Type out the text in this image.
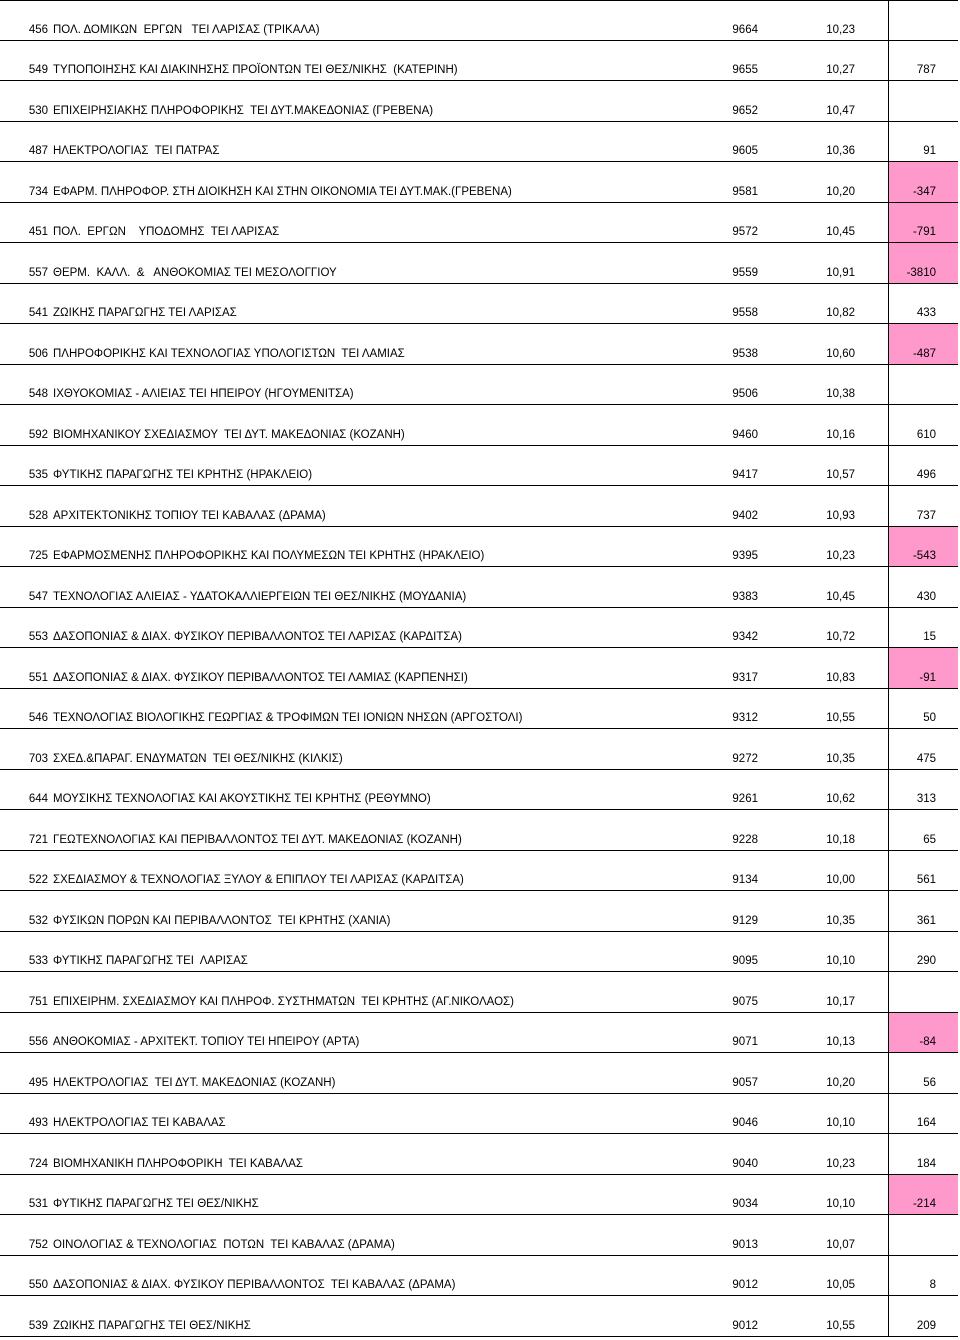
456 ΠΟΛ. ΔΟΜΙΚΩΝ  ΕΡΓΩΝ   ΤΕΙ ΛΑΡΙΣΑΣ (ΤΡΙΚΑΛΑ)	9664	10,23
549 ΤΥΠΟΠΟΙΗΣΗΣ ΚΑΙ ΔΙΑΚΙΝΗΣΗΣ ΠΡΟΪΟΝΤΩΝ ΤΕΙ ΘΕΣ/ΝΙΚΗΣ  (ΚΑΤΕΡΙΝΗ)	9655	10,27	787
530 ΕΠΙΧΕΙΡΗΣΙΑΚΗΣ ΠΛΗΡΟΦΟΡΙΚΗΣ  ΤΕΙ ΔΥΤ.ΜΑΚΕΔΟΝΙΑΣ (ΓΡΕΒΕΝΑ)	9652	10,47
487 ΗΛΕΚΤΡΟΛΟΓΙΑΣ  ΤΕΙ ΠΑΤΡΑΣ	9605	10,36	91
734 ΕΦΑΡΜ. ΠΛΗΡΟΦΟΡ. ΣΤΗ ΔΙΟΙΚΗΣΗ ΚΑΙ ΣΤΗΝ ΟΙΚΟΝΟΜΙΑ ΤΕΙ ΔΥΤ.ΜΑΚ.(ΓΡΕΒΕΝΑ)	9581	10,20	-347
451 ΠΟΛ.  ΕΡΓΩΝ    ΥΠΟΔΟΜΗΣ  ΤΕΙ ΛΑΡΙΣΑΣ	9572	10,45	-791
557 ΘΕΡΜ.  ΚΑΛΛ.  &   ΑΝΘΟΚΟΜΙΑΣ ΤΕΙ ΜΕΣΟΛΟΓΓΙΟΥ	9559	10,91	-3810
541 ΖΩΙΚΗΣ ΠΑΡΑΓΩΓΗΣ ΤΕΙ ΛΑΡΙΣΑΣ	9558	10,82	433
506 ΠΛΗΡΟΦΟΡΙΚΗΣ ΚΑΙ ΤΕΧΝΟΛΟΓΙΑΣ ΥΠΟΛΟΓΙΣΤΩΝ  ΤΕΙ ΛΑΜΙΑΣ	9538	10,60	-487
548 ΙΧΘΥΟΚΟΜΙΑΣ - ΑΛΙΕΙΑΣ ΤΕΙ ΗΠΕΙΡΟΥ (ΗΓΟΥΜΕΝΙΤΣΑ)	9506	10,38
592 ΒΙΟΜΗΧΑΝΙΚΟΥ ΣΧΕΔΙΑΣΜΟΥ  ΤΕΙ ΔΥΤ. ΜΑΚΕΔΟΝΙΑΣ (ΚΟΖΑΝΗ)	9460	10,16	610
535 ΦΥΤΙΚΗΣ ΠΑΡΑΓΩΓΗΣ ΤΕΙ ΚΡΗΤΗΣ (ΗΡΑΚΛΕΙΟ)	9417	10,57	496
528 ΑΡΧΙΤΕΚΤΟΝΙΚΗΣ ΤΟΠΙΟΥ ΤΕΙ ΚΑΒΑΛΑΣ (ΔΡΑΜΑ)	9402	10,93	737
725 ΕΦΑΡΜΟΣΜΕΝΗΣ ΠΛΗΡΟΦΟΡΙΚΗΣ ΚΑΙ ΠΟΛΥΜΕΣΩΝ ΤΕΙ ΚΡΗΤΗΣ (ΗΡΑΚΛΕΙΟ)	9395	10,23	-543
547 ΤΕΧΝΟΛΟΓΙΑΣ ΑΛΙΕΙΑΣ - ΥΔΑΤΟΚΑΛΛΙΕΡΓΕΙΩΝ ΤΕΙ ΘΕΣ/ΝΙΚΗΣ (ΜΟΥΔΑΝΙΑ)	9383	10,45	430
553 ΔΑΣΟΠΟΝΙΑΣ & ΔΙΑΧ. ΦΥΣΙΚΟΥ ΠΕΡΙΒΑΛΛΟΝΤΟΣ ΤΕΙ ΛΑΡΙΣΑΣ (ΚΑΡΔΙΤΣΑ)	9342	10,72	15
551 ΔΑΣΟΠΟΝΙΑΣ & ΔΙΑΧ. ΦΥΣΙΚΟΥ ΠΕΡΙΒΑΛΛΟΝΤΟΣ ΤΕΙ ΛΑΜΙΑΣ (ΚΑΡΠΕΝΗΣΙ)	9317	10,83	-91
546 ΤΕΧΝΟΛΟΓΙΑΣ ΒΙΟΛΟΓΙΚΗΣ ΓΕΩΡΓΙΑΣ & ΤΡΟΦΙΜΩΝ ΤΕΙ ΙΟΝΙΩΝ ΝΗΣΩΝ (ΑΡΓΟΣΤΟΛΙ)	9312	10,55	50
703 ΣΧΕΔ.&ΠΑΡΑΓ. ΕΝΔΥΜΑΤΩΝ  ΤΕΙ ΘΕΣ/ΝΙΚΗΣ (ΚΙΛΚΙΣ)	9272	10,35	475
644 ΜΟΥΣΙΚΗΣ ΤΕΧΝΟΛΟΓΙΑΣ ΚΑΙ ΑΚΟΥΣΤΙΚΗΣ ΤΕΙ ΚΡΗΤΗΣ (ΡΕΘΥΜΝΟ)	9261	10,62	313
721 ΓΕΩΤΕΧΝΟΛΟΓΙΑΣ ΚΑΙ ΠΕΡΙΒΑΛΛΟΝΤΟΣ ΤΕΙ ΔΥΤ. ΜΑΚΕΔΟΝΙΑΣ (ΚΟΖΑΝΗ)	9228	10,18	65
522 ΣΧΕΔΙΑΣΜΟΥ & ΤΕΧΝΟΛΟΓΙΑΣ ΞΥΛΟΥ & ΕΠΙΠΛΟΥ ΤΕΙ ΛΑΡΙΣΑΣ (ΚΑΡΔΙΤΣΑ)	9134	10,00	561
532 ΦΥΣΙΚΩΝ ΠΟΡΩΝ ΚΑΙ ΠΕΡΙΒΑΛΛΟΝΤΟΣ  ΤΕΙ ΚΡΗΤΗΣ (ΧΑΝΙΑ)	9129	10,35	361
533 ΦΥΤΙΚΗΣ ΠΑΡΑΓΩΓΗΣ ΤΕΙ  ΛΑΡΙΣΑΣ	9095	10,10	290
751 ΕΠΙΧΕΙΡΗΜ. ΣΧΕΔΙΑΣΜΟΥ ΚΑΙ ΠΛΗΡΟΦ. ΣΥΣΤΗΜΑΤΩΝ  ΤΕΙ ΚΡΗΤΗΣ (ΑΓ.ΝΙΚΟΛΑΟΣ)	9075	10,17
556 ΑΝΘΟΚΟΜΙΑΣ - ΑΡΧΙΤΕΚΤ. ΤΟΠΙΟΥ ΤΕΙ ΗΠΕΙΡΟΥ (ΑΡΤΑ)	9071	10,13	-84
495 ΗΛΕΚΤΡΟΛΟΓΙΑΣ  ΤΕΙ ΔΥΤ. ΜΑΚΕΔΟΝΙΑΣ (ΚΟΖΑΝΗ)	9057	10,20	56
493 ΗΛΕΚΤΡΟΛΟΓΙΑΣ ΤΕΙ ΚΑΒΑΛΑΣ	9046	10,10	164
724 ΒΙΟΜΗΧΑΝΙΚΗ ΠΛΗΡΟΦΟΡΙΚΗ  ΤΕΙ ΚΑΒΑΛΑΣ	9040	10,23	184
531 ΦΥΤΙΚΗΣ ΠΑΡΑΓΩΓΗΣ ΤΕΙ ΘΕΣ/ΝΙΚΗΣ	9034	10,10	-214
752 ΟΙΝΟΛΟΓΙΑΣ & ΤΕΧΝΟΛΟΓΙΑΣ  ΠΟΤΩΝ  ΤΕΙ ΚΑΒΑΛΑΣ (ΔΡΑΜΑ)	9013	10,07
550 ΔΑΣΟΠΟΝΙΑΣ & ΔΙΑΧ. ΦΥΣΙΚΟΥ ΠΕΡΙΒΑΛΛΟΝΤΟΣ  ΤΕΙ ΚΑΒΑΛΑΣ (ΔΡΑΜΑ)	9012	10,05	8
539 ΖΩΙΚΗΣ ΠΑΡΑΓΩΓΗΣ ΤΕΙ ΘΕΣ/ΝΙΚΗΣ	9012	10,55	209
